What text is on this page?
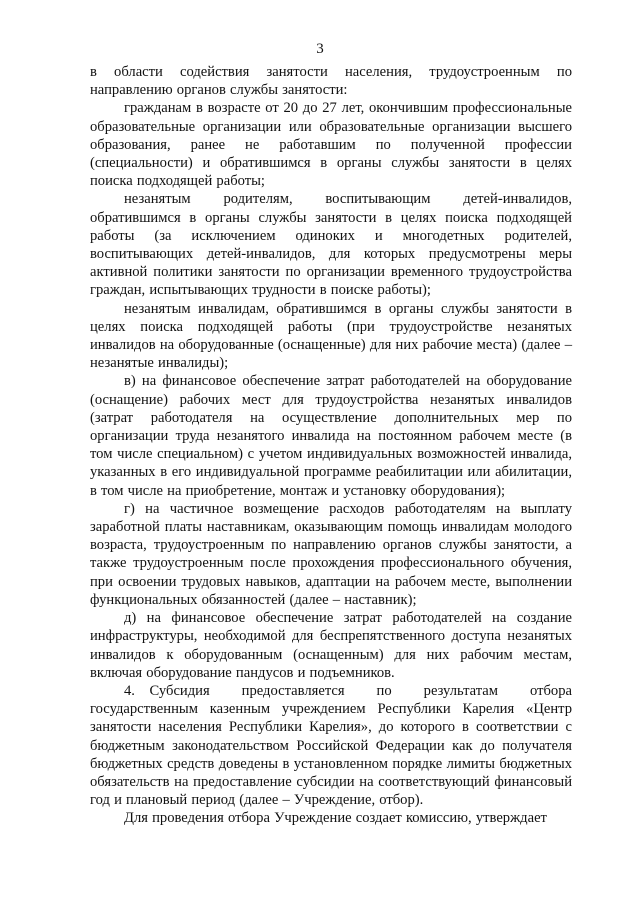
3

в области содействия занятости населения, трудоустроенным по направлению органов службы занятости:

гражданам в возрасте от 20 до 27 лет, окончившим профессиональные образовательные организации или образовательные организации высшего образования, ранее не работавшим по полученной профессии (специальности) и обратившимся в органы службы занятости в целях поиска подходящей работы;

незанятым родителям, воспитывающим детей-инвалидов, обратившимся в органы службы занятости в целях поиска подходящей работы (за исключением одиноких и многодетных родителей, воспитывающих детей-инвалидов, для которых предусмотрены меры активной политики занятости по организации временного трудоустройства граждан, испытывающих трудности в поиске работы);

незанятым инвалидам, обратившимся в органы службы занятости в целях поиска подходящей работы (при трудоустройстве незанятых инвалидов на оборудованные (оснащенные) для них рабочие места) (далее – незанятые инвалиды);

в) на финансовое обеспечение затрат работодателей на оборудование (оснащение) рабочих мест для трудоустройства незанятых инвалидов (затрат работодателя на осуществление дополнительных мер по организации труда незанятого инвалида на постоянном рабочем месте (в том числе специальном) с учетом индивидуальных возможностей инвалида, указанных в его индивидуальной программе реабилитации или абилитации, в том числе на приобретение, монтаж и установку оборудования);

г) на частичное возмещение расходов работодателям на выплату заработной платы наставникам, оказывающим помощь инвалидам молодого возраста, трудоустроенным по направлению органов службы занятости, а также трудоустроенным после прохождения профессионального обучения, при освоении трудовых навыков, адаптации на рабочем месте, выполнении функциональных обязанностей (далее – наставник);

д) на финансовое обеспечение затрат работодателей на создание инфраструктуры, необходимой для беспрепятственного доступа незанятых инвалидов к оборудованным (оснащенным) для них рабочим местам, включая оборудование пандусов и подъемников.

4. Субсидия предоставляется по результатам отбора государственным казенным учреждением Республики Карелия «Центр занятости населения Республики Карелия», до которого в соответствии с бюджетным законодательством Российской Федерации как до получателя бюджетных средств доведены в установленном порядке лимиты бюджетных обязательств на предоставление субсидии на соответствующий финансовый год и плановый период (далее – Учреждение, отбор).

Для проведения отбора Учреждение создает комиссию, утверждает
